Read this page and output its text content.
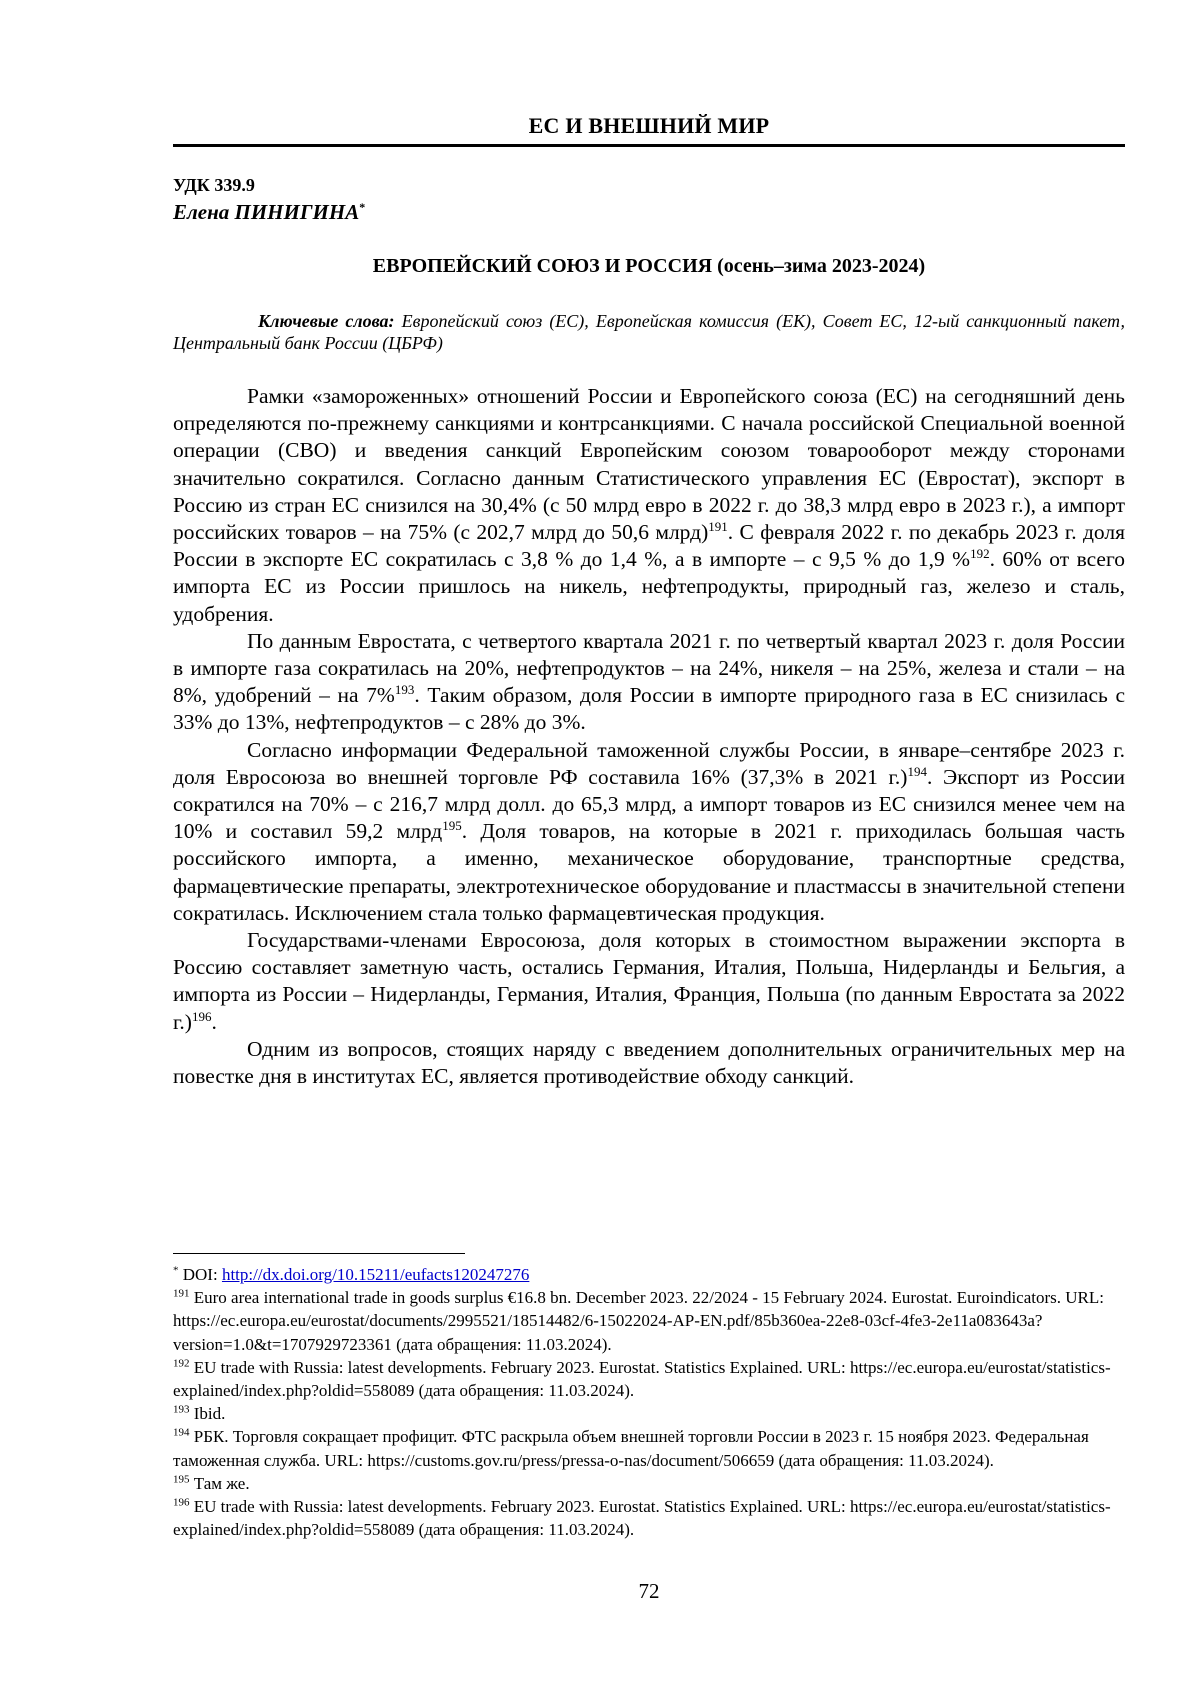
ЕС И ВНЕШНИЙ МИР
УДК 339.9
Елена ПИНИГИНА*
ЕВРОПЕЙСКИЙ СОЮЗ И РОССИЯ (осень–зима 2023-2024)
Ключевые слова: Европейский союз (ЕС), Европейская комиссия (ЕК), Совет ЕС, 12-ый санкционный пакет, Центральный банк России (ЦБРФ)

Рамки «замороженных» отношений России и Европейского союза (ЕС) на сегодняшний день определяются по-прежнему санкциями и контрсанкциями. С начала российской Специальной военной операции (СВО) и введения санкций Европейским союзом товарооборот между сторонами значительно сократился. Согласно данным Статистического управления ЕС (Евростат), экспорт в Россию из стран ЕС снизился на 30,4% (с 50 млрд евро в 2022 г. до 38,3 млрд евро в 2023 г.), а импорт российских товаров – на 75% (с 202,7 млрд до 50,6 млрд)$^{191}$. С февраля 2022 г. по декабрь 2023 г. доля России в экспорте ЕС сократилась с 3,8 % до 1,4 %, а в импорте – с 9,5 % до 1,9 %$^{192}$. 60% от всего импорта ЕС из России пришлось на никель, нефтепродукты, природный газ, железо и сталь, удобрения.

По данным Евростата, с четвертого квартала 2021 г. по четвертый квартал 2023 г. доля России в импорте газа сократилась на 20%, нефтепродуктов – на 24%, никеля – на 25%, железа и стали – на 8%, удобрений – на 7%$^{193}$. Таким образом, доля России в импорте природного газа в ЕС снизилась с 33% до 13%, нефтепродуктов – с 28% до 3%.

Согласно информации Федеральной таможенной службы России, в январе–сентябре 2023 г. доля Евросоюза во внешней торговле РФ составила 16% (37,3% в 2021 г.)$^{194}$. Экспорт из России сократился на 70% – с 216,7 млрд долл. до 65,3 млрд, а импорт товаров из ЕС снизился менее чем на 10% и составил 59,2 млрд$^{195}$. Доля товаров, на которые в 2021 г. приходилась большая часть российского импорта, а именно, механическое оборудование, транспортные средства, фармацевтические препараты, электротехническое оборудование и пластмассы в значительной степени сократилась. Исключением стала только фармацевтическая продукция.

Государствами-членами Евросоюза, доля которых в стоимостном выражении экспорта в Россию составляет заметную часть, остались Германия, Италия, Польша, Нидерланды и Бельгия, а импорта из России – Нидерланды, Германия, Италия, Франция, Польша (по данным Евростата за 2022 г.)$^{196}$.

Одним из вопросов, стоящих наряду с введением дополнительных ограничительных мер на повестке дня в институтах ЕС, является противодействие обходу санкций.

* DOI: http://dx.doi.org/10.15211/eufacts120247276

$^{191}$ Euro area international trade in goods surplus €16.8 bn. December 2023. 22/2024 - 15 February 2024. Eurostat. Euroindicators. URL: https://ec.europa.eu/eurostat/documents/2995521/18514482/6-15022024-AP-EN.pdf/85b360ea-22e8-03cf-4fe3-2e11a083643a?version=1.0&t=1707929723361 (дата обращения: 11.03.2024).

$^{192}$ EU trade with Russia: latest developments. February 2023. Eurostat. Statistics Explained. URL: https://ec.europa.eu/eurostat/statistics-explained/index.php?oldid=558089 (дата обращения: 11.03.2024).

$^{193}$ Ibid.

$^{194}$ РБК. Торговля сокращает профицит. ФТС раскрыла объем внешней торговли России в 2023 г. 15 ноября 2023. Федеральная таможенная служба. URL: https://customs.gov.ru/press/pressa-o-nas/document/506659 (дата обращения: 11.03.2024).

$^{195}$ Там же.

$^{196}$ EU trade with Russia: latest developments. February 2023. Eurostat. Statistics Explained. URL: https://ec.europa.eu/eurostat/statistics-explained/index.php?oldid=558089 (дата обращения: 11.03.2024).

72
